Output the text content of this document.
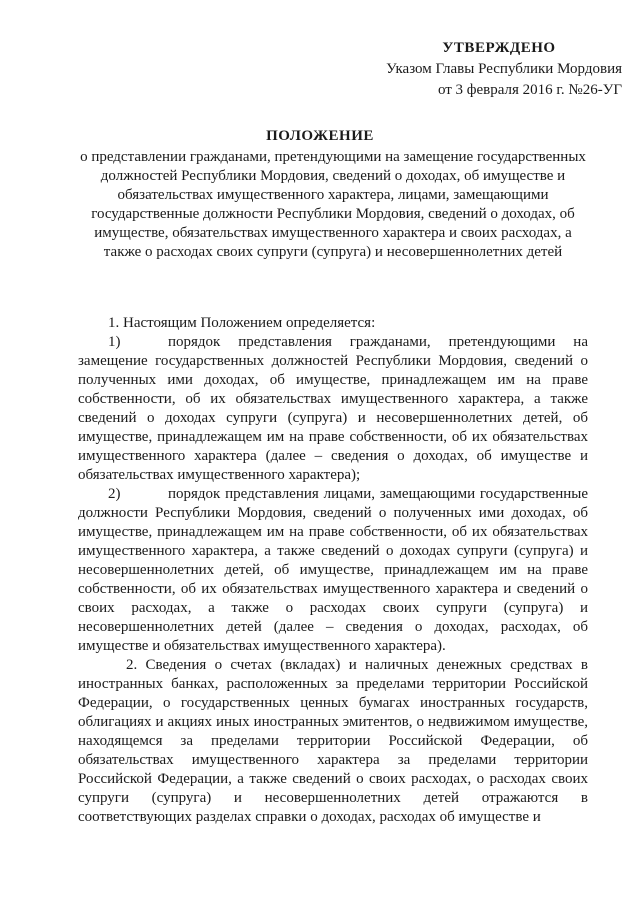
УТВЕРЖДЕНО
Указом Главы Республики Мордовия
от 3 февраля 2016 г. №26-УГ
ПОЛОЖЕНИЕ
о представлении гражданами, претендующими на замещение государственных должностей Республики Мордовия, сведений о доходах, об имуществе и обязательствах имущественного характера, лицами, замещающими государственные должности Республики Мордовия, сведений о доходах, об имуществе, обязательствах имущественного характера и своих расходах, а также о расходах своих супруги (супруга) и несовершеннолетних детей

1. Настоящим Положением определяется:

1)	порядок представления гражданами, претендующими на замещение государственных должностей Республики Мордовия, сведений о полученных ими доходах, об имуществе, принадлежащем им на праве собственности, об их обязательствах имущественного характера, а также сведений о доходах супруги (супруга) и несовершеннолетних детей, об имуществе, принадлежащем им на праве собственности, об их обязательствах имущественного характера (далее – сведения о доходах, об имуществе и обязательствах имущественного характера);

2)	порядок представления лицами, замещающими государственные должности Республики Мордовия, сведений о полученных ими доходах, об имуществе, принадлежащем им на праве собственности, об их обязательствах имущественного характера, а также сведений о доходах супруги (супруга) и несовершеннолетних детей, об имуществе, принадлежащем им на праве собственности, об их обязательствах имущественного характера и сведений о своих расходах, а также о расходах своих супруги (супруга) и несовершеннолетних детей (далее – сведения о доходах, расходах, об имуществе и обязательствах имущественного характера).

2. Сведения о счетах (вкладах) и наличных денежных средствах в иностранных банках, расположенных за пределами территории Российской Федерации, о государственных ценных бумагах иностранных государств, облигациях и акциях иных иностранных эмитентов, о недвижимом имуществе, находящемся за пределами территории Российской Федерации, об обязательствах имущественного характера за пределами территории Российской Федерации, а также сведений о своих расходах, о расходах своих супруги (супруга) и несовершеннолетних детей отражаются в соответствующих разделах справки о доходах, расходах об имуществе и
